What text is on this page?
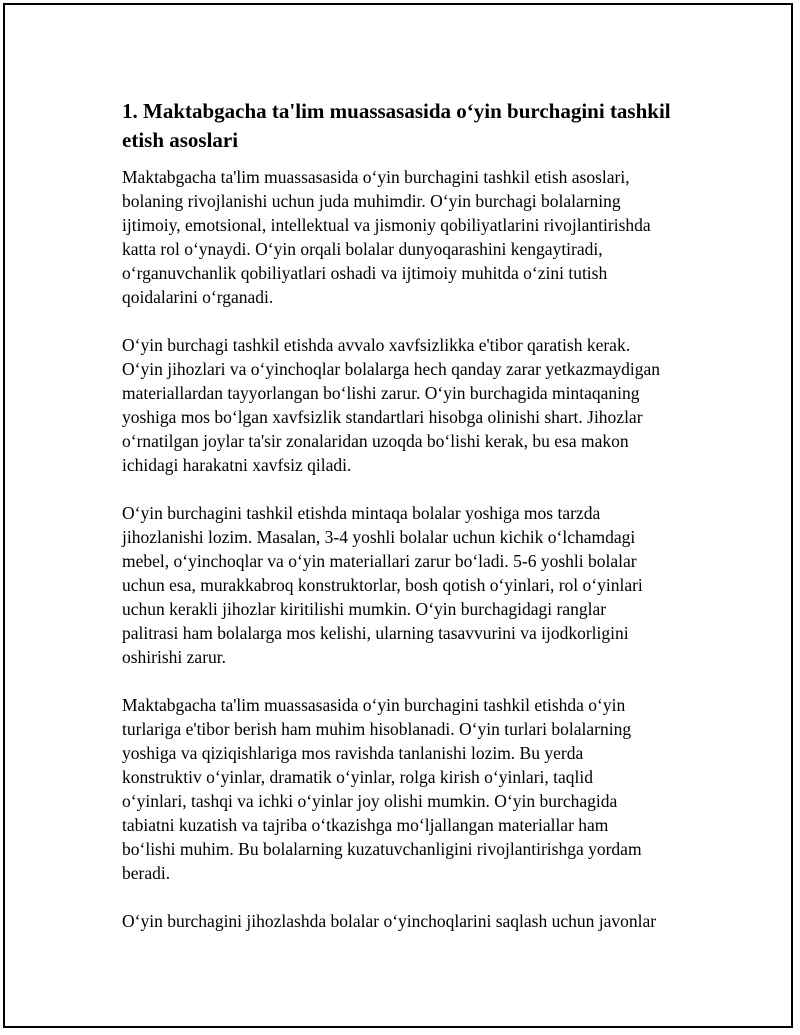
1. Maktabgacha ta'lim muassasasida o‘yin burchagini tashkil
etish asoslari

Maktabgacha ta'lim muassasasida o‘yin burchagini tashkil etish asoslari,
bolaning rivojlanishi uchun juda muhimdir. O‘yin burchagi bolalarning
ijtimoiy, emotsional, intellektual va jismoniy qobiliyatlarini rivojlantirishda
katta rol o‘ynaydi. O‘yin orqali bolalar dunyoqarashini kengaytiradi,
o‘rganuvchanlik qobiliyatlari oshadi va ijtimoiy muhitda o‘zini tutish
qoidalarini o‘rganadi.

O‘yin burchagi tashkil etishda avvalo xavfsizlikka e'tibor qaratish kerak.
O‘yin jihozlari va o‘yinchoqlar bolalarga hech qanday zarar yetkazmaydigan
materiallardan tayyorlangan bo‘lishi zarur. O‘yin burchagida mintaqaning
yoshiga mos bo‘lgan xavfsizlik standartlari hisobga olinishi shart. Jihozlar
o‘rnatilgan joylar ta'sir zonalaridan uzoqda bo‘lishi kerak, bu esa makon
ichidagi harakatni xavfsiz qiladi.

O‘yin burchagini tashkil etishda mintaqa bolalar yoshiga mos tarzda
jihozlanishi lozim. Masalan, 3-4 yoshli bolalar uchun kichik o‘lchamdagi
mebel, o‘yinchoqlar va o‘yin materiallari zarur bo‘ladi. 5-6 yoshli bolalar
uchun esa, murakkabroq konstruktorlar, bosh qotish o‘yinlari, rol o‘yinlari
uchun kerakli jihozlar kiritilishi mumkin. O‘yin burchagidagi ranglar
palitrasi ham bolalarga mos kelishi, ularning tasavvurini va ijodkorligini
oshirishi zarur.

Maktabgacha ta'lim muassasasida o‘yin burchagini tashkil etishda o‘yin
turlariga e'tibor berish ham muhim hisoblanadi. O‘yin turlari bolalarning
yoshiga va qiziqishlariga mos ravishda tanlanishi lozim. Bu yerda
konstruktiv o‘yinlar, dramatik o‘yinlar, rolga kirish o‘yinlari, taqlid
o‘yinlari, tashqi va ichki o‘yinlar joy olishi mumkin. O‘yin burchagida
tabiatni kuzatish va tajriba o‘tkazishga mo‘ljallangan materiallar ham
bo‘lishi muhim. Bu bolalarning kuzatuvchanligini rivojlantirishga yordam
beradi.

O‘yin burchagini jihozlashda bolalar o‘yinchoqlarini saqlash uchun javonlar
